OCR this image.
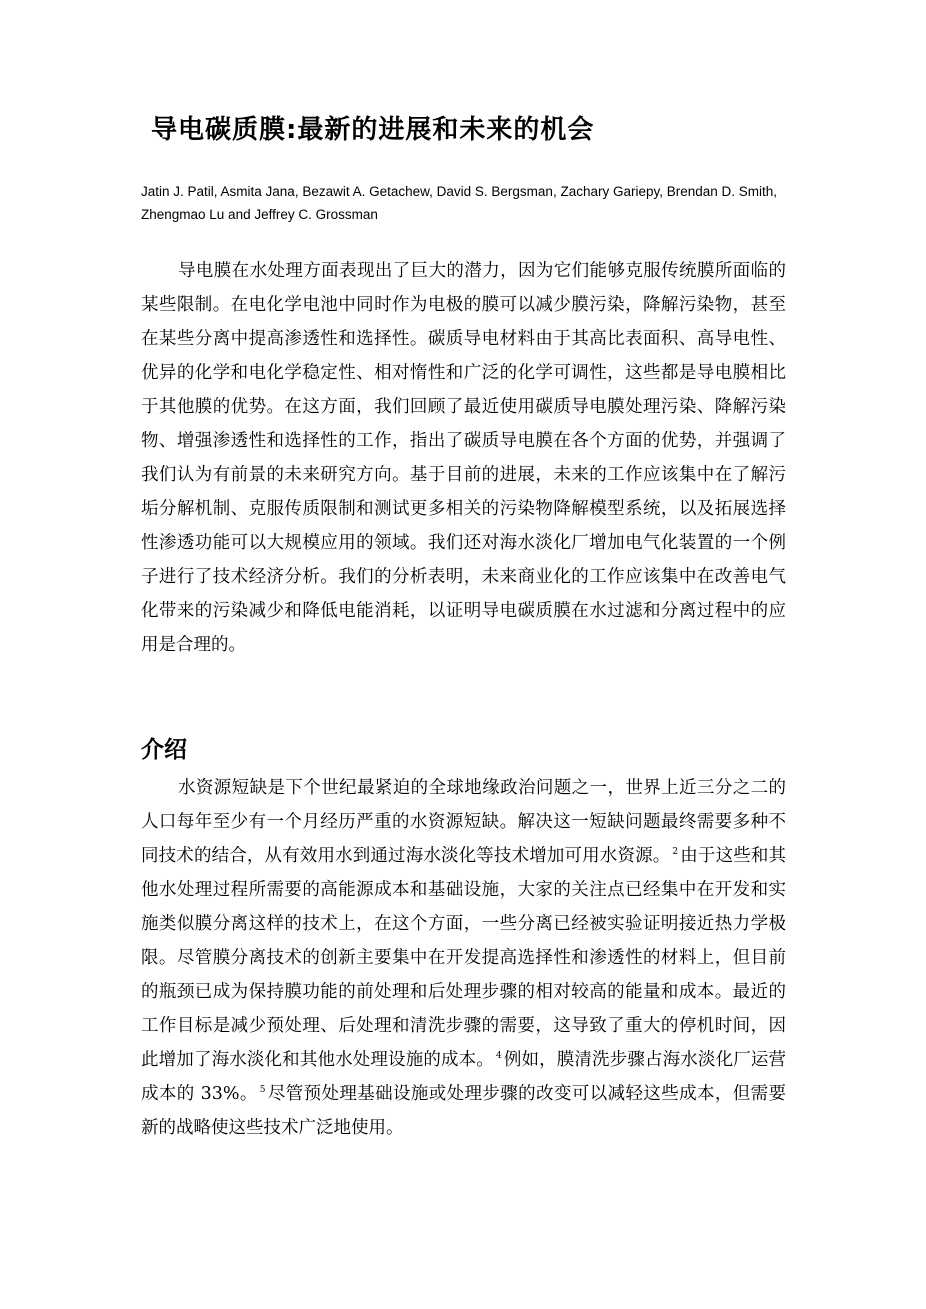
导电碳质膜:最新的进展和未来的机会

Jatin J. Patil, Asmita Jana, Bezawit A. Getachew, David S. Bergsman, Zachary Gariepy, Brendan D. Smith, Zhengmao Lu and Jeffrey C. Grossman

导电膜在水处理方面表现出了巨大的潜力，因为它们能够克服传统膜所面临的某些限制。在电化学电池中同时作为电极的膜可以减少膜污染，降解污染物，甚至在某些分离中提高渗透性和选择性。碳质导电材料由于其高比表面积、高导电性、优异的化学和电化学稳定性、相对惰性和广泛的化学可调性，这些都是导电膜相比于其他膜的优势。在这方面，我们回顾了最近使用碳质导电膜处理污染、降解污染物、增强渗透性和选择性的工作，指出了碳质导电膜在各个方面的优势，并强调了我们认为有前景的未来研究方向。基于目前的进展，未来的工作应该集中在了解污垢分解机制、克服传质限制和测试更多相关的污染物降解模型系统，以及拓展选择性渗透功能可以大规模应用的领域。我们还对海水淡化厂增加电气化装置的一个例子进行了技术经济分析。我们的分析表明，未来商业化的工作应该集中在改善电气化带来的污染减少和降低电能消耗，以证明导电碳质膜在水过滤和分离过程中的应用是合理的。

介绍

水资源短缺是下个世纪最紧迫的全球地缘政治问题之一，世界上近三分之二的人口每年至少有一个月经历严重的水资源短缺。解决这一短缺问题最终需要多种不同技术的结合，从有效用水到通过海水淡化等技术增加可用水资源。 $^2$ 由于这些和其他水处理过程所需要的高能源成本和基础设施，大家的关注点已经集中在开发和实施类似膜分离这样的技术上，在这个方面，一些分离已经被实验证明接近热力学极限。尽管膜分离技术的创新主要集中在开发提高选择性和渗透性的材料上，但目前的瓶颈已成为保持膜功能的前处理和后处理步骤的相对较高的能量和成本。最近的工作目标是减少预处理、后处理和清洗步骤的需要，这导致了重大的停机时间，因此增加了海水淡化和其他水处理设施的成本。 $^4$ 例如，膜清洗步骤占海水淡化厂运营成本的 33%。 $^5$ 尽管预处理基础设施或处理步骤的改变可以减轻这些成本，但需要新的战略使这些技术广泛地使用。
